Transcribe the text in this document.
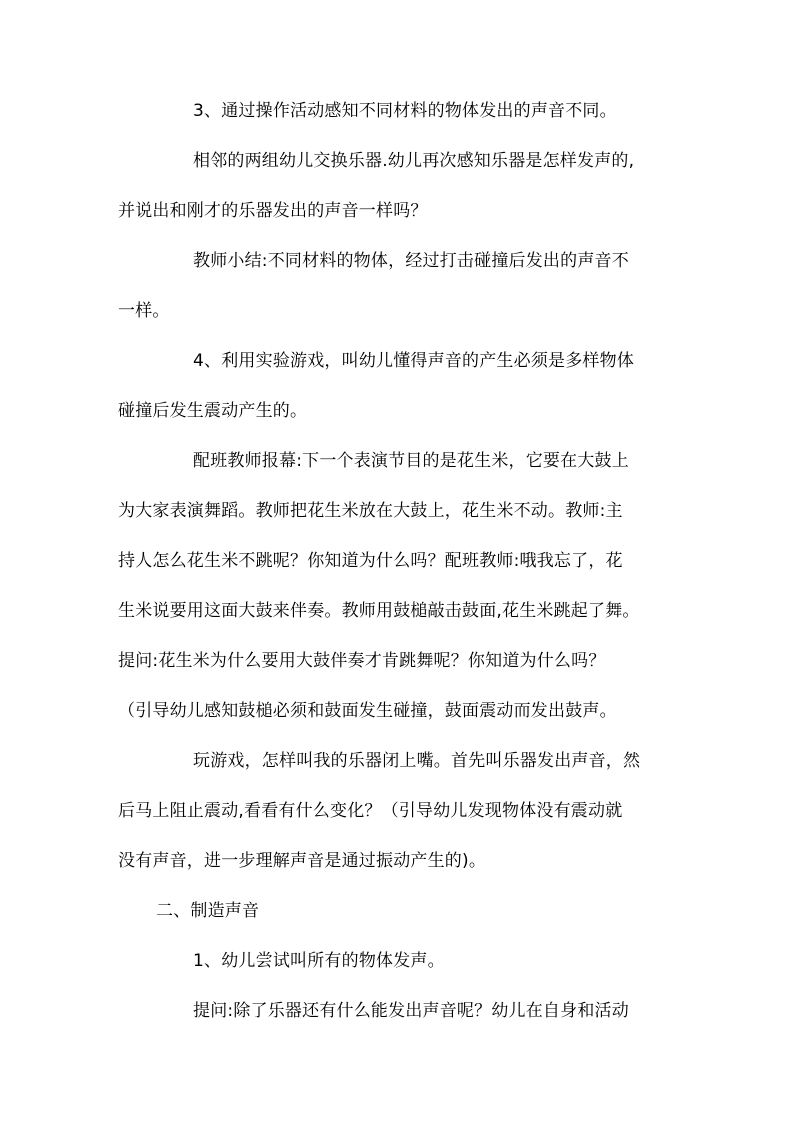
3、通过操作活动感知不同材料的物体发出的声音不同。
相邻的两组幼儿交换乐器.幼儿再次感知乐器是怎样发声的,
并说出和刚才的乐器发出的声音一样吗？
教师小结:不同材料的物体，经过打击碰撞后发出的声音不
一样。
4、利用实验游戏，叫幼儿懂得声音的产生必须是多样物体
碰撞后发生震动产生的。
配班教师报幕:下一个表演节目的是花生米，它要在大鼓上
为大家表演舞蹈。教师把花生米放在大鼓上，花生米不动。教师:主
持人怎么花生米不跳呢？你知道为什么吗？配班教师:哦我忘了，花
生米说要用这面大鼓来伴奏。教师用鼓槌敲击鼓面,花生米跳起了舞。
提问:花生米为什么要用大鼓伴奏才肯跳舞呢？你知道为什么吗？
（引导幼儿感知鼓槌必须和鼓面发生碰撞，鼓面震动而发出鼓声。
玩游戏，怎样叫我的乐器闭上嘴。首先叫乐器发出声音，然
后马上阻止震动,看看有什么变化？（引导幼儿发现物体没有震动就
没有声音，进一步理解声音是通过振动产生的)。
二、制造声音
1、幼儿尝试叫所有的物体发声。
提问:除了乐器还有什么能发出声音呢？幼儿在自身和活动
